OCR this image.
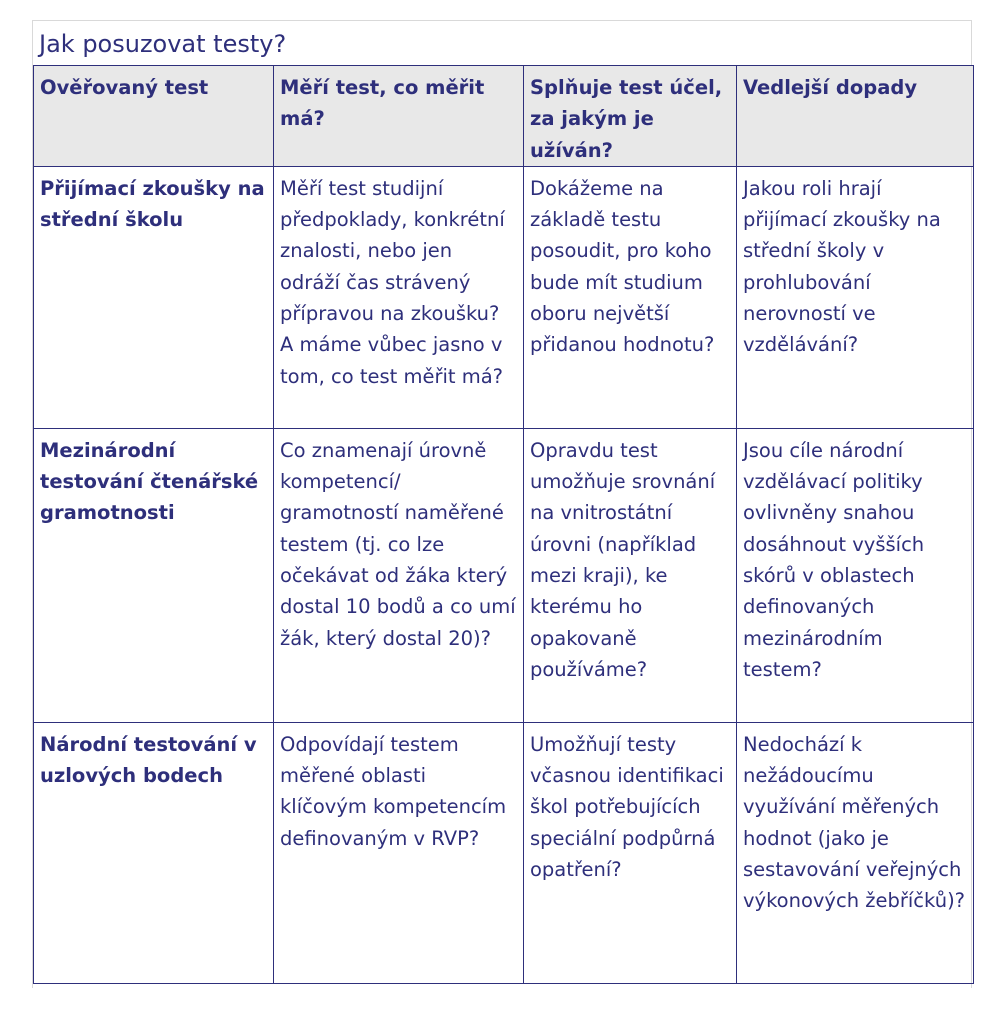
Jak posuzovat testy?
Ověřovaný test	Měří test, co měřit má?	Splňuje test účel, za jakým je užíván?	Vedlejší dopady
Přijímací zkoušky na střední školu	Měří test studijní předpoklady, konkrétní znalosti, nebo jen odráží čas strávený přípravou na zkoušku? A máme vůbec jasno v tom, co test měřit má?	Dokážeme na základě testu posoudit, pro koho bude mít studium oboru největší přidanou hodnotu?	Jakou roli hrají přijímací zkoušky na střední školy v prohlubování nerovností ve vzdělávání?
Mezinárodní testování čtenářské gramotnosti	Co znamenají úrovně kompetencí/ gramotností naměřené testem (tj. co lze očekávat od žáka který dostal 10 bodů a co umí žák, který dostal 20)?	Opravdu test umožňuje srovnání na vnitrostátní úrovni (například mezi kraji), ke kterému ho opakovaně používáme?	Jsou cíle národní vzdělávací politiky ovlivněny snahou dosáhnout vyšších skórů v oblastech definovaných mezinárodním testem?
Národní testování v uzlových bodech	Odpovídají testem měřené oblasti klíčovým kompetencím definovaným v RVP?	Umožňují testy včasnou identifikaci škol potřebujících speciální podpůrná opatření?	Nedochází k nežádoucímu využívání měřených hodnot (jako je sestavování veřejných výkonových žebříčků)?
